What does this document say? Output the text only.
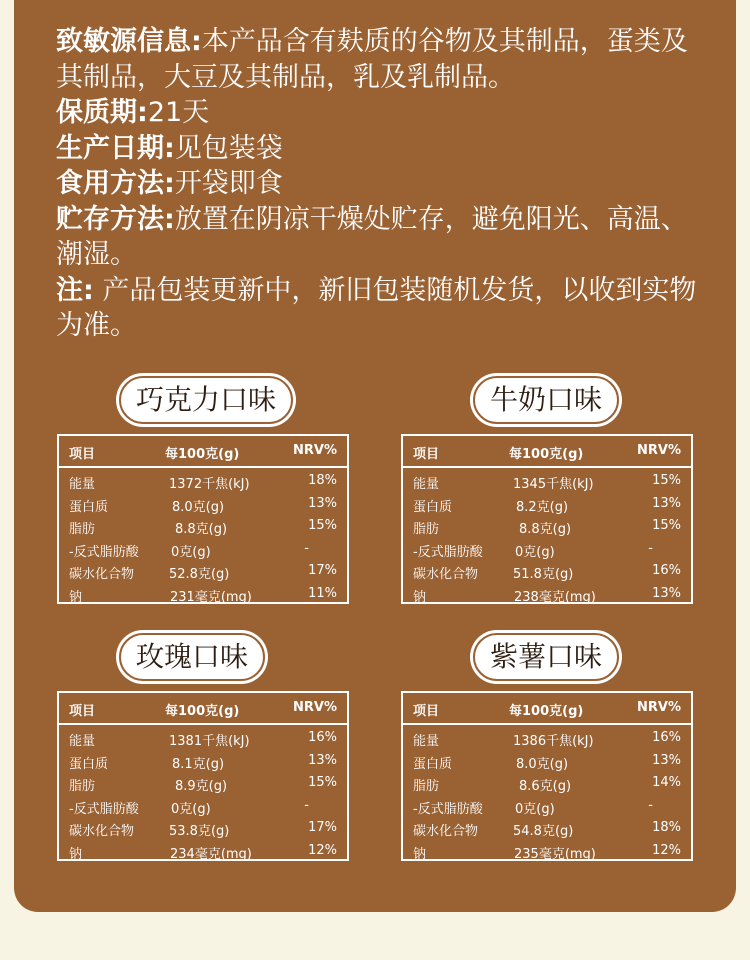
致敏源信息:本产品含有麸质的谷物及其制品，蛋类及其制品，大豆及其制品，乳及乳制品。

保质期:21天

生产日期:见包装袋

食用方法:开袋即食

贮存方法:放置在阴凉干燥处贮存，避免阳光、高温、潮湿。

注: 产品包装更新中，新旧包装随机发货，以收到实物为准。

巧克力口味	牛奶口味
玫瑰口味	紫薯口味
项目	每100克(g)	NRV%
能量	1372千焦(kJ)	18%
蛋白质	8.0克(g)	13%
脂肪	8.8克(g)	15%
-反式脂肪酸 0克(g)	-
碳水化合物	52.8克(g)	17%
钠	231毫克(mg)	11%
项目	每100克(g)	NRV%
能量	1345千焦(kJ)	15%
蛋白质	8.2克(g)	13%
脂肪	8.8克(g)	15%
-反式脂肪酸 0克(g)	-
碳水化合物	51.8克(g)	16%
钠	238毫克(mg)	13%
项目	每100克(g)	NRV%
能量	1381千焦(kJ)	16%
蛋白质	8.1克(g)	13%
脂肪	8.9克(g)	15%
-反式脂肪酸 0克(g)	-
碳水化合物	53.8克(g)	17%
钠	234毫克(mg)	12%
项目	每100克(g)	NRV%
能量	1386千焦(kJ)	16%
蛋白质	8.0克(g)	13%
脂肪	8.6克(g)	14%
-反式脂肪酸 0克(g)	-
碳水化合物	54.8克(g)	18%
钠	235毫克(mg)	12%
